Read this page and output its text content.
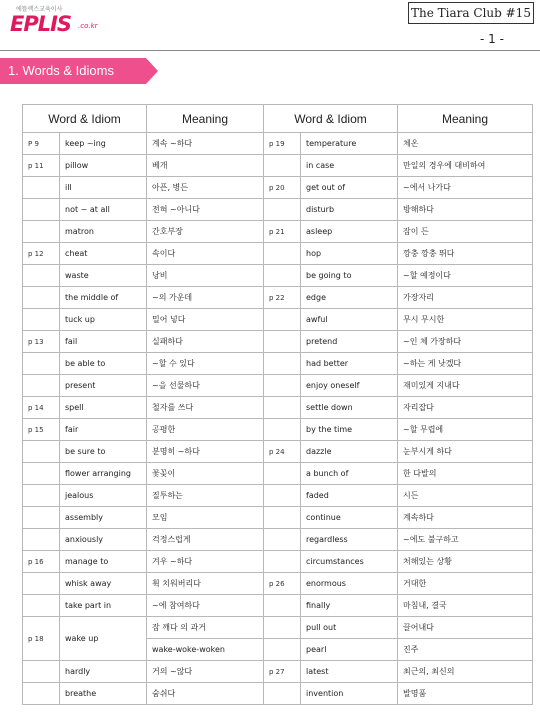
에뜰랙스교육이사
EPLIS .co.kr
The Tiara Club #15
- 1 -
1. Words & Idioms
Word & Idiom		Meaning	Word & Idiom		Meaning
P 9	keep ~ing	계속 ~하다	p 19	temperature	체온
p 11	pillow	베개		in case	만일의 경우에 대비하여
	ill	아픈, 병든	p 20	get out of	~에서 나가다
	not ~ at all	전혀 ~아니다		disturb	방해하다
	matron	간호부장	p 21	asleep	잠이 든
p 12	cheat	속이다		hop	깡충 깡충 뛰다
	waste	낭비		be going to	~할 예정이다
	the middle of	~의 가운데	p 22	edge	가장자리
	tuck up	밀어 넣다		awful	무시 무시한
p 13	fail	실패하다		pretend	~인 체 가장하다
	be able to	~할 수 있다		had better	~하는 게 낫겠다
	present	~을 선물하다		enjoy oneself	재미있게 지내다
p 14	spell	철자를 쓰다		settle down	자리잡다
p 15	fair	공평한		by the time	~할 무렵에
	be sure to	분명히 ~하다	p 24	dazzle	눈부시게 하다
	flower arranging	꽃꽂이		a bunch of	한 다발의
	jealous	질투하는		faded	시든
	assembly	모임		continue	계속하다
	anxiously	걱정스럽게		regardless	~에도 불구하고
p 16	manage to	겨우 ~하다		circumstances	처해있는 상황
	whisk away	휙 치워버리다	p 26	enormous	거대한
	take part in	~에 참여하다		finally	마침내, 결국
p 18	wake up	잠 깨다 의 과거		pull out	끌어내다
		wake-woke-woken		pearl	진주
	hardly	거의 ~않다	p 27	latest	최근의, 최신의
	breathe	숨쉬다		invention	발명품
